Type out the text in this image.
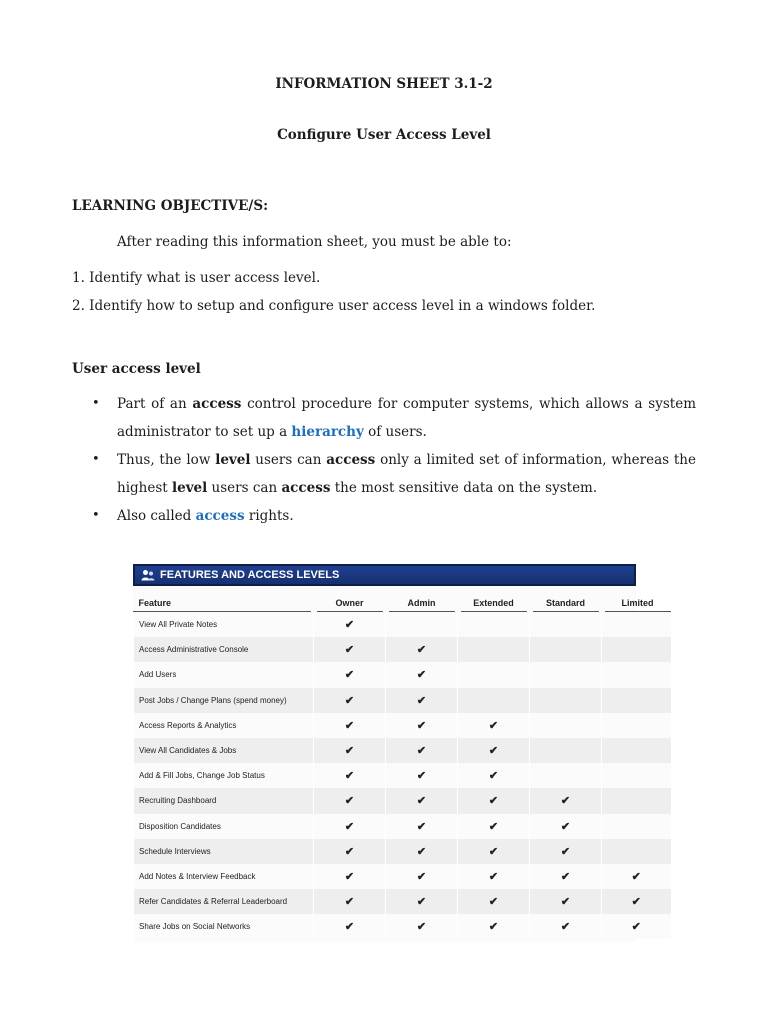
INFORMATION SHEET 3.1-2
Configure User Access Level
LEARNING OBJECTIVE/S:

After reading this information sheet, you must be able to:

1. Identify what is user access level.

2. Identify how to setup and configure user access level in a windows folder.

User access level
• Part of an access control procedure for computer systems, which allows a system administrator to set up a hierarchy of users.
• Thus, the low level users can access only a limited set of information, whereas the highest level users can access the most sensitive data on the system.
• Also called access rights.
FEATURES AND ACCESS LEVELS
Feature	Owner	Admin	Extended	Standard	Limited
View All Private Notes	✔				
Access Administrative Console	✔	✔			
Add Users	✔	✔			
Post Jobs / Change Plans (spend money)	✔	✔			
Access Reports & Analytics	✔	✔	✔		
View All Candidates & Jobs	✔	✔	✔		
Add & Fill Jobs, Change Job Status	✔	✔	✔		
Recruiting Dashboard	✔	✔	✔	✔	
Disposition Candidates	✔	✔	✔	✔	
Schedule Interviews	✔	✔	✔	✔	
Add Notes & Interview Feedback	✔	✔	✔	✔	✔
Refer Candidates & Referral Leaderboard	✔	✔	✔	✔	✔
Share Jobs on Social Networks	✔	✔	✔	✔	✔
